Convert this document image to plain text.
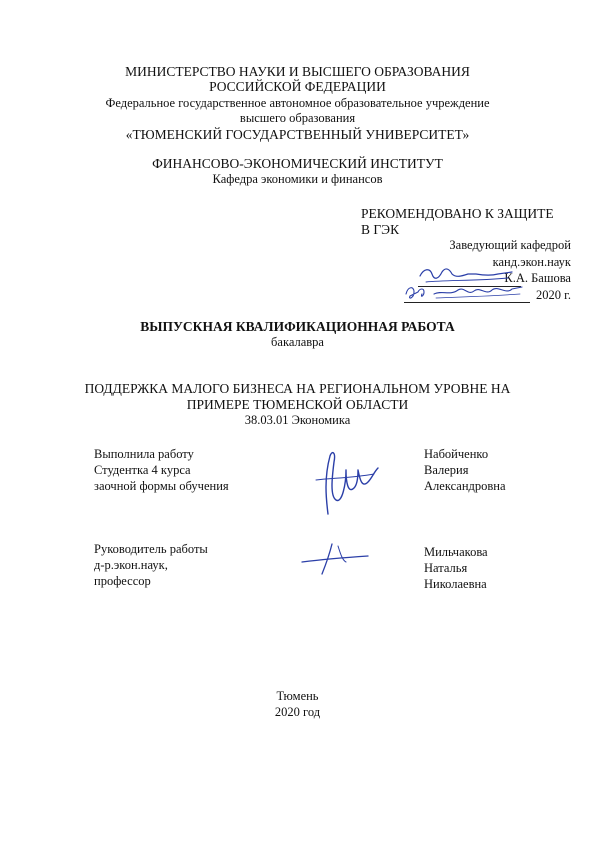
МИНИСТЕРСТВО НАУКИ И ВЫСШЕГО ОБРАЗОВАНИЯ
РОССИЙСКОЙ ФЕДЕРАЦИИ
Федеральное государственное автономное образовательное учреждение
высшего образования
«ТЮМЕНСКИЙ ГОСУДАРСТВЕННЫЙ УНИВЕРСИТЕТ»
ФИНАНСОВО-ЭКОНОМИЧЕСКИЙ ИНСТИТУТ
Кафедра экономики и финансов
РЕКОМЕНДОВАНО К ЗАЩИТЕ
В ГЭК
Заведующий кафедрой
канд.экон.наук
К.А. Башова
2020 г.
ВЫПУСКНАЯ КВАЛИФИКАЦИОННАЯ РАБОТА
бакалавра
ПОДДЕРЖКА МАЛОГО БИЗНЕСА НА РЕГИОНАЛЬНОМ УРОВНЕ НА
ПРИМЕРЕ ТЮМЕНСКОЙ ОБЛАСТИ
38.03.01 Экономика
Выполнила работу
Студентка 4 курса
заочной формы обучения
Набойченко
Валерия
Александровна
Руководитель работы
д-р.экон.наук,
профессор
Мильчакова
Наталья
Николаевна
Тюмень
2020 год
